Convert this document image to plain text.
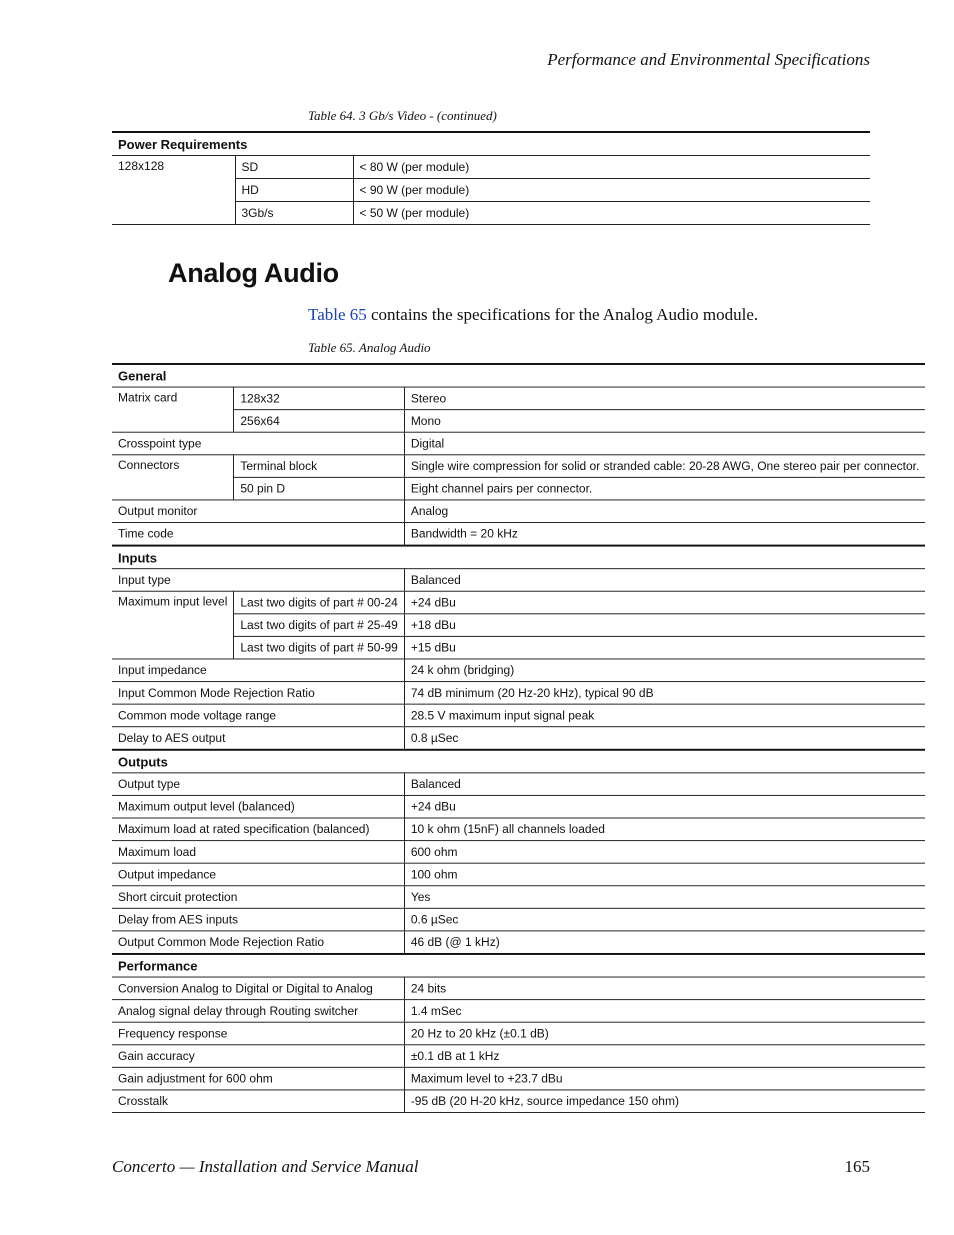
Performance and Environmental Specifications
Table 64. 3 Gb/s Video - (continued)
Power Requirements		
128x128	SD	< 80 W (per module)
	HD	< 90 W (per module)
	3Gb/s	< 50 W (per module)
Analog Audio
Table 65 contains the specifications for the Analog Audio module.
Table 65. Analog Audio
General		
Matrix card	128x32	Stereo
	256x64	Mono
Crosspoint type		Digital
Connectors	Terminal block	Single wire compression for solid or stranded cable: 20-28 AWG, One stereo pair per connector.
	50 pin D	Eight channel pairs per connector.
Output monitor		Analog
Time code		Bandwidth = 20 kHz
Inputs		
Input type		Balanced
Maximum input level	Last two digits of part # 00-24	+24 dBu
	Last two digits of part # 25-49	+18 dBu
	Last two digits of part # 50-99	+15 dBu
Input impedance		24 k ohm (bridging)
Input Common Mode Rejection Ratio		74 dB minimum (20 Hz-20 kHz), typical 90 dB
Common mode voltage range		28.5 V maximum input signal peak
Delay to AES output		0.8 µSec
Outputs		
Output type		Balanced
Maximum output level (balanced)		+24 dBu
Maximum load at rated specification (balanced)		10 k ohm (15nF) all channels loaded
Maximum load		600 ohm
Output impedance		100 ohm
Short circuit protection		Yes
Delay from AES inputs		0.6 µSec
Output Common Mode Rejection Ratio		46 dB (@ 1 kHz)
Performance		
Conversion Analog to Digital or Digital to Analog		24 bits
Analog signal delay through Routing switcher		1.4 mSec
Frequency response		20 Hz to 20 kHz (±0.1 dB)
Gain accuracy		±0.1 dB at 1 kHz
Gain adjustment for 600 ohm		Maximum level to +23.7 dBu
Crosstalk		-95 dB (20 H-20 kHz, source impedance 150 ohm)
Concerto — Installation and Service Manual	165
